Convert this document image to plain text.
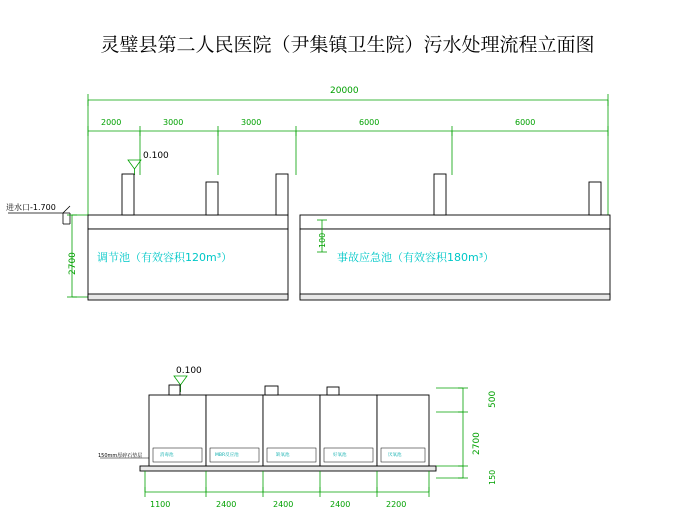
灵璧县第二人民医院（尹集镇卫生院）污水处理流程立面图
20000
2000	3000	3000	6000	6000
0.100
进水口-1.700
2700
100
调节池（有效容积120m³）	事故应急池（有效容积180m³）
0.100
150mm厚碎石垫层	消毒池	MBR反应池	缺氧池	好氧池	厌氧池
500
2700
150
1100	2400	2400	2400	2200
